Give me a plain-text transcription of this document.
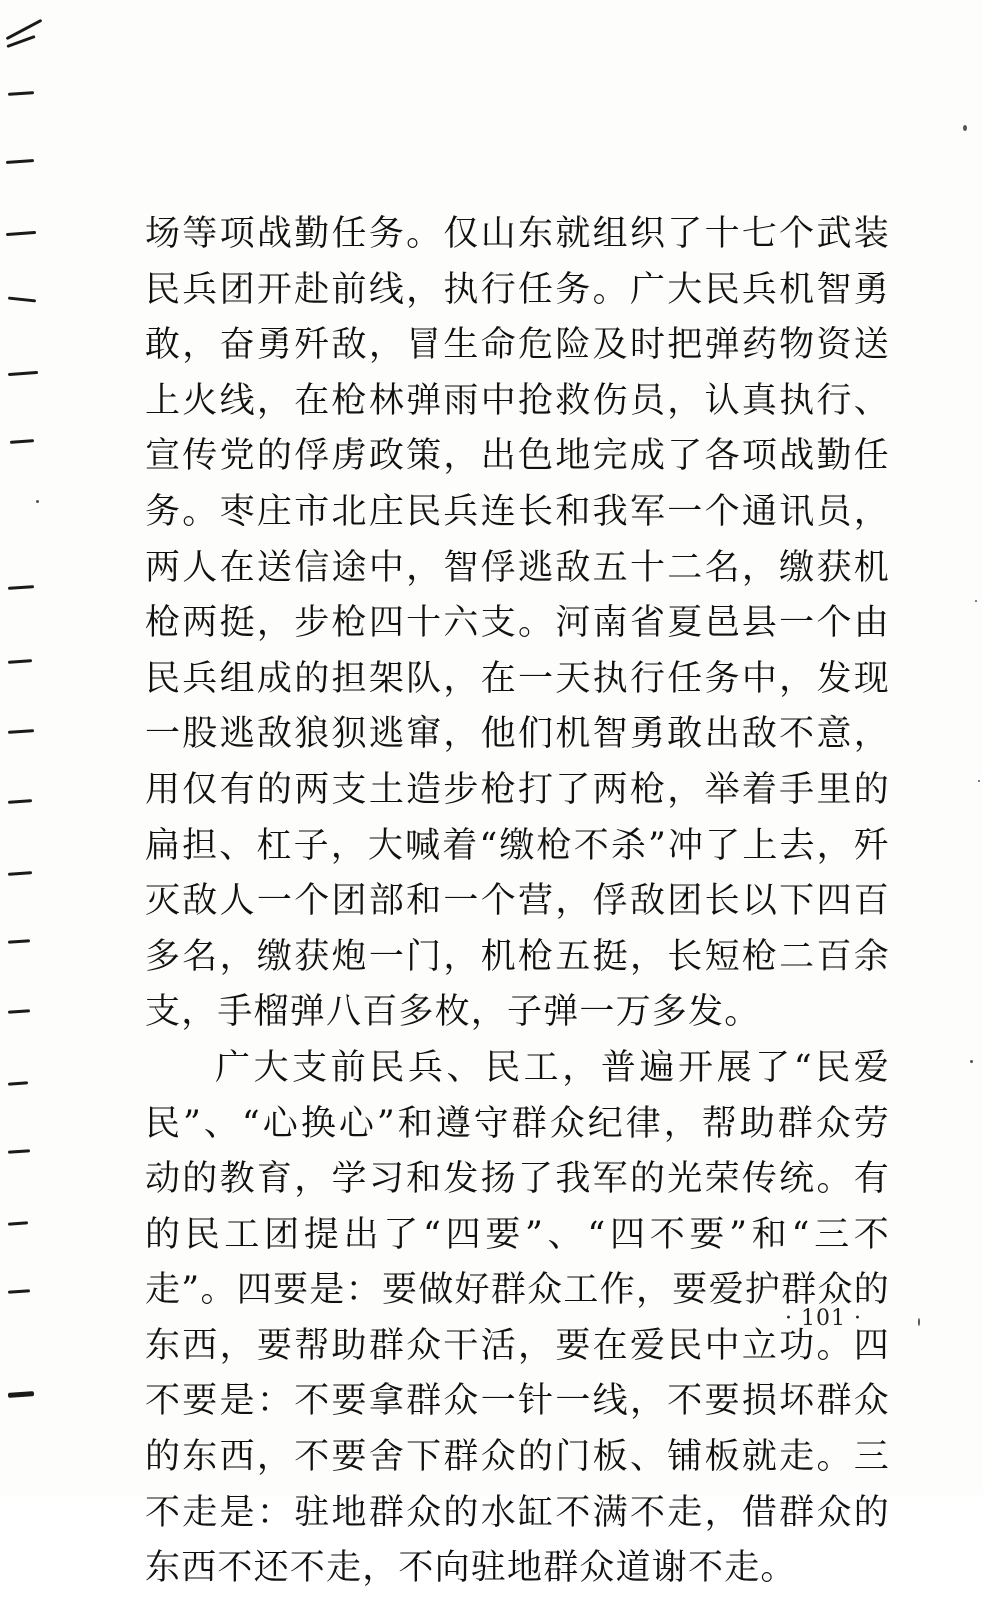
场等项战勤任务。仅山东就组织了十七个武装民兵团开赴前线，执行任务。广大民兵机智勇敢，奋勇歼敌，冒生命危险及时把弹药物资送上火线，在枪林弹雨中抢救伤员，认真执行、宣传党的俘虏政策，出色地完成了各项战勤任务。枣庄市北庄民兵连长和我军一个通讯员，两人在送信途中，智俘逃敌五十二名，缴获机枪两挺，步枪四十六支。河南省夏邑县一个由民兵组成的担架队，在一天执行任务中，发现一股逃敌狼狈逃窜，他们机智勇敢出敌不意，用仅有的两支土造步枪打了两枪，举着手里的扁担、杠子，大喊着“缴枪不杀”冲了上去，歼灭敌人一个团部和一个营，俘敌团长以下四百多名，缴获炮一门，机枪五挺，长短枪二百余支，手榴弹八百多枚，子弹一万多发。

广大支前民兵、民工，普遍开展了“民爱民”、“心换心”和遵守群众纪律，帮助群众劳动的教育，学习和发扬了我军的光荣传统。有的民工团提出了“四要”、“四不要”和“三不走”。四要是：要做好群众工作，要爱护群众的东西，要帮助群众干活，要在爱民中立功。四不要是：不要拿群众一针一线，不要损坏群众的东西，不要舍下群众的门板、铺板就走。三不走是：驻地群众的水缸不满不走，借群众的东西不还不走，不向驻地群众道谢不走。

· 101 ·
